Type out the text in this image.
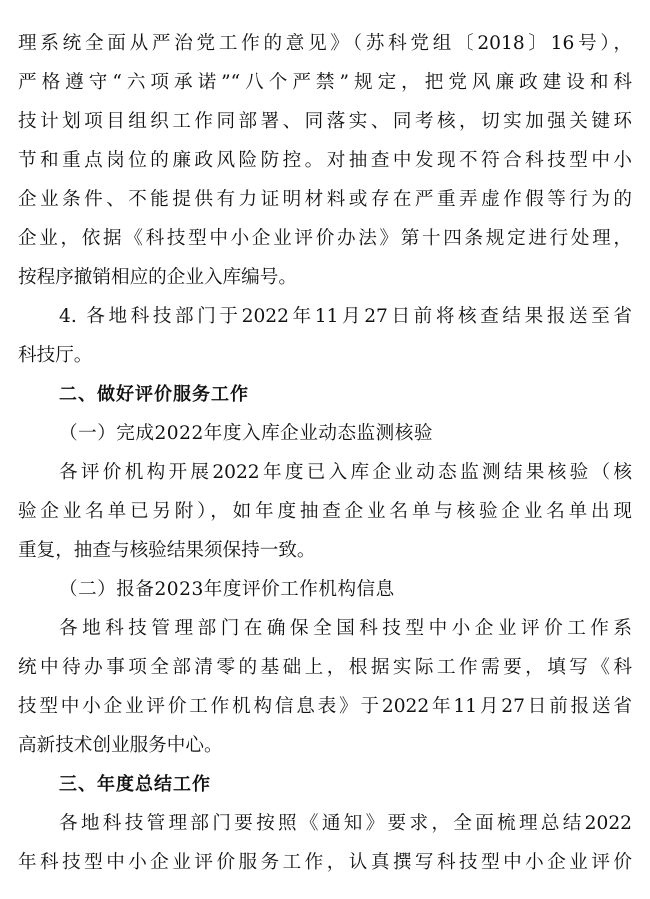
理系统全面从严治党工作的意见》（苏科党组〔2018〕16号），
严格遵守“六项承诺”“八个严禁”规定，把党风廉政建设和科
技计划项目组织工作同部署、同落实、同考核，切实加强关键环
节和重点岗位的廉政风险防控。对抽查中发现不符合科技型中小
企业条件、不能提供有力证明材料或存在严重弄虚作假等行为的
企业，依据《科技型中小企业评价办法》第十四条规定进行处理，
按程序撤销相应的企业入库编号。
4. 各地科技部门于2022年11月27日前将核查结果报送至省
科技厅。
二、做好评价服务工作
（一）完成2022年度入库企业动态监测核验
各评价机构开展2022年度已入库企业动态监测结果核验（核
验企业名单已另附），如年度抽查企业名单与核验企业名单出现
重复，抽查与核验结果须保持一致。
（二）报备2023年度评价工作机构信息
各地科技管理部门在确保全国科技型中小企业评价工作系
统中待办事项全部清零的基础上，根据实际工作需要，填写《科
技型中小企业评价工作机构信息表》于2022年11月27日前报送省
高新技术创业服务中心。
三、年度总结工作
各地科技管理部门要按照《通知》要求，全面梳理总结2022
年科技型中小企业评价服务工作，认真撰写科技型中小企业评价
